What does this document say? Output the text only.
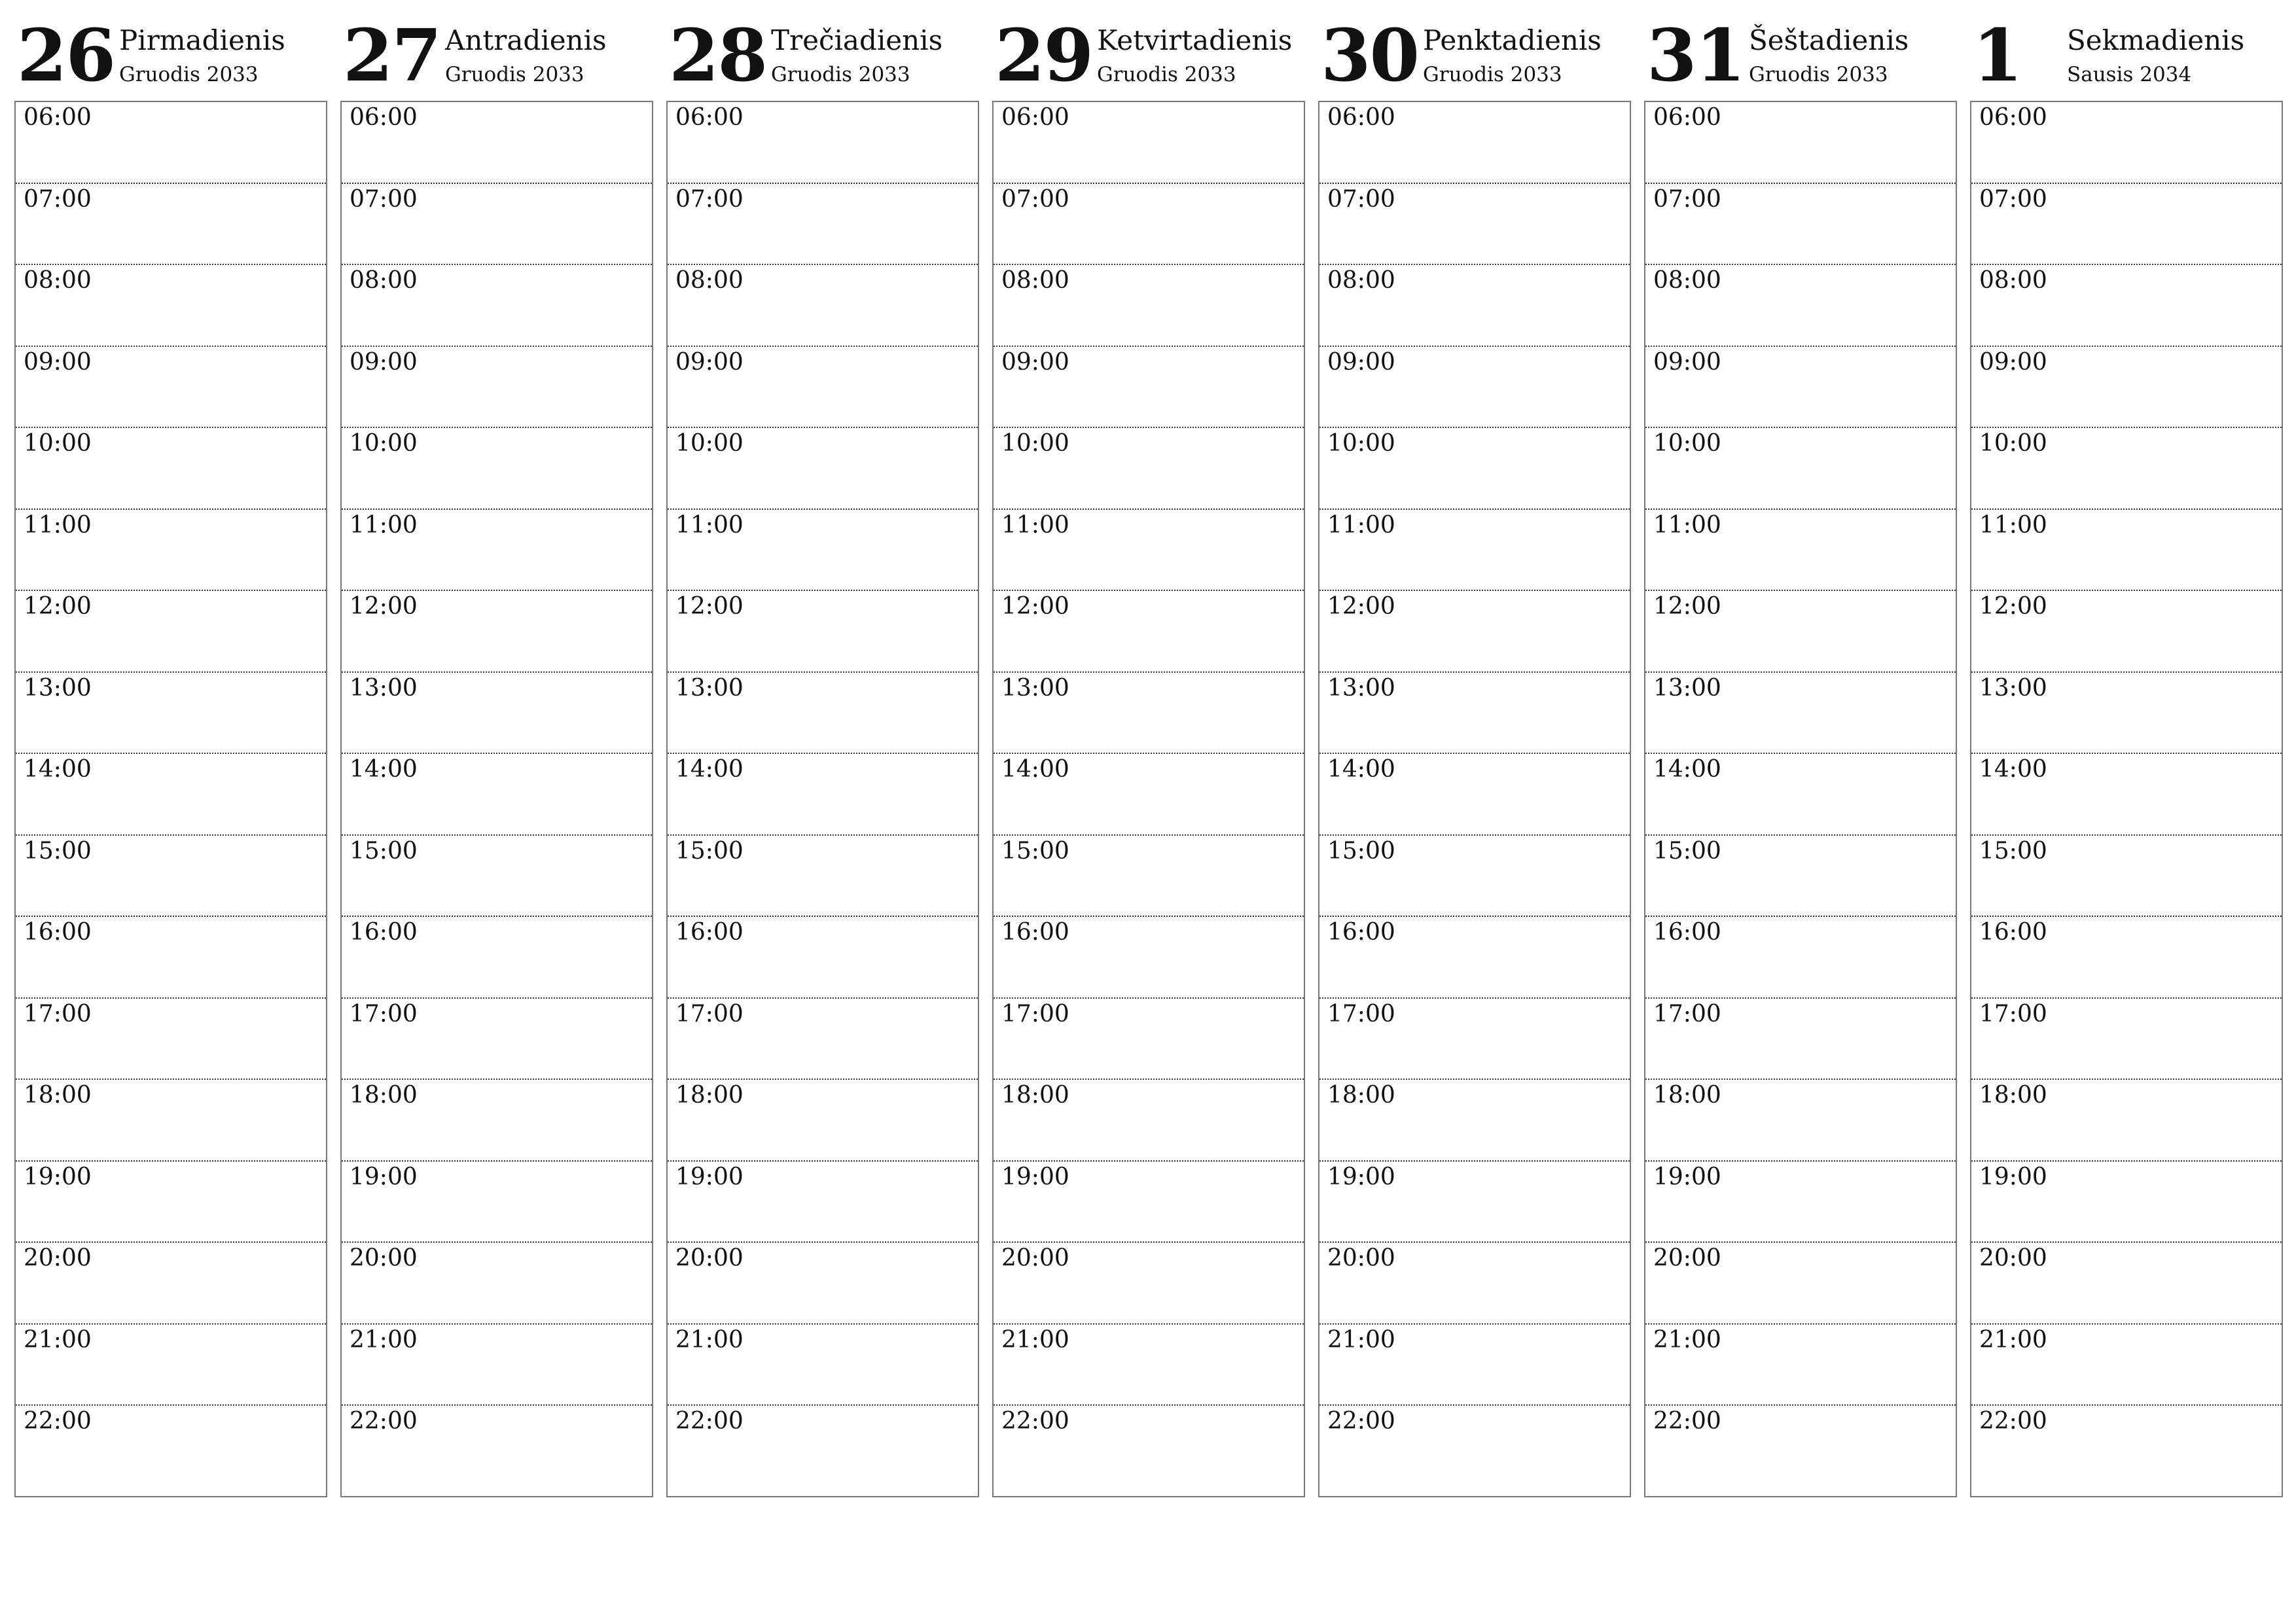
26 Pirmadienis
Gruodis 2033
06:00
07:00
08:00
09:00
10:00
11:00
12:00
13:00
14:00
15:00
16:00
17:00
18:00
19:00
20:00
21:00
22:00
27 Antradienis
Gruodis 2033
06:00
07:00
08:00
09:00
10:00
11:00
12:00
13:00
14:00
15:00
16:00
17:00
18:00
19:00
20:00
21:00
22:00
28 Trečiadienis
Gruodis 2033
06:00
07:00
08:00
09:00
10:00
11:00
12:00
13:00
14:00
15:00
16:00
17:00
18:00
19:00
20:00
21:00
22:00
29 Ketvirtadienis
Gruodis 2033
06:00
07:00
08:00
09:00
10:00
11:00
12:00
13:00
14:00
15:00
16:00
17:00
18:00
19:00
20:00
21:00
22:00
30 Penktadienis
Gruodis 2033
06:00
07:00
08:00
09:00
10:00
11:00
12:00
13:00
14:00
15:00
16:00
17:00
18:00
19:00
20:00
21:00
22:00
31 Šeštadienis
Gruodis 2033
06:00
07:00
08:00
09:00
10:00
11:00
12:00
13:00
14:00
15:00
16:00
17:00
18:00
19:00
20:00
21:00
22:00
1 Sekmadienis
Sausis 2034
06:00
07:00
08:00
09:00
10:00
11:00
12:00
13:00
14:00
15:00
16:00
17:00
18:00
19:00
20:00
21:00
22:00
